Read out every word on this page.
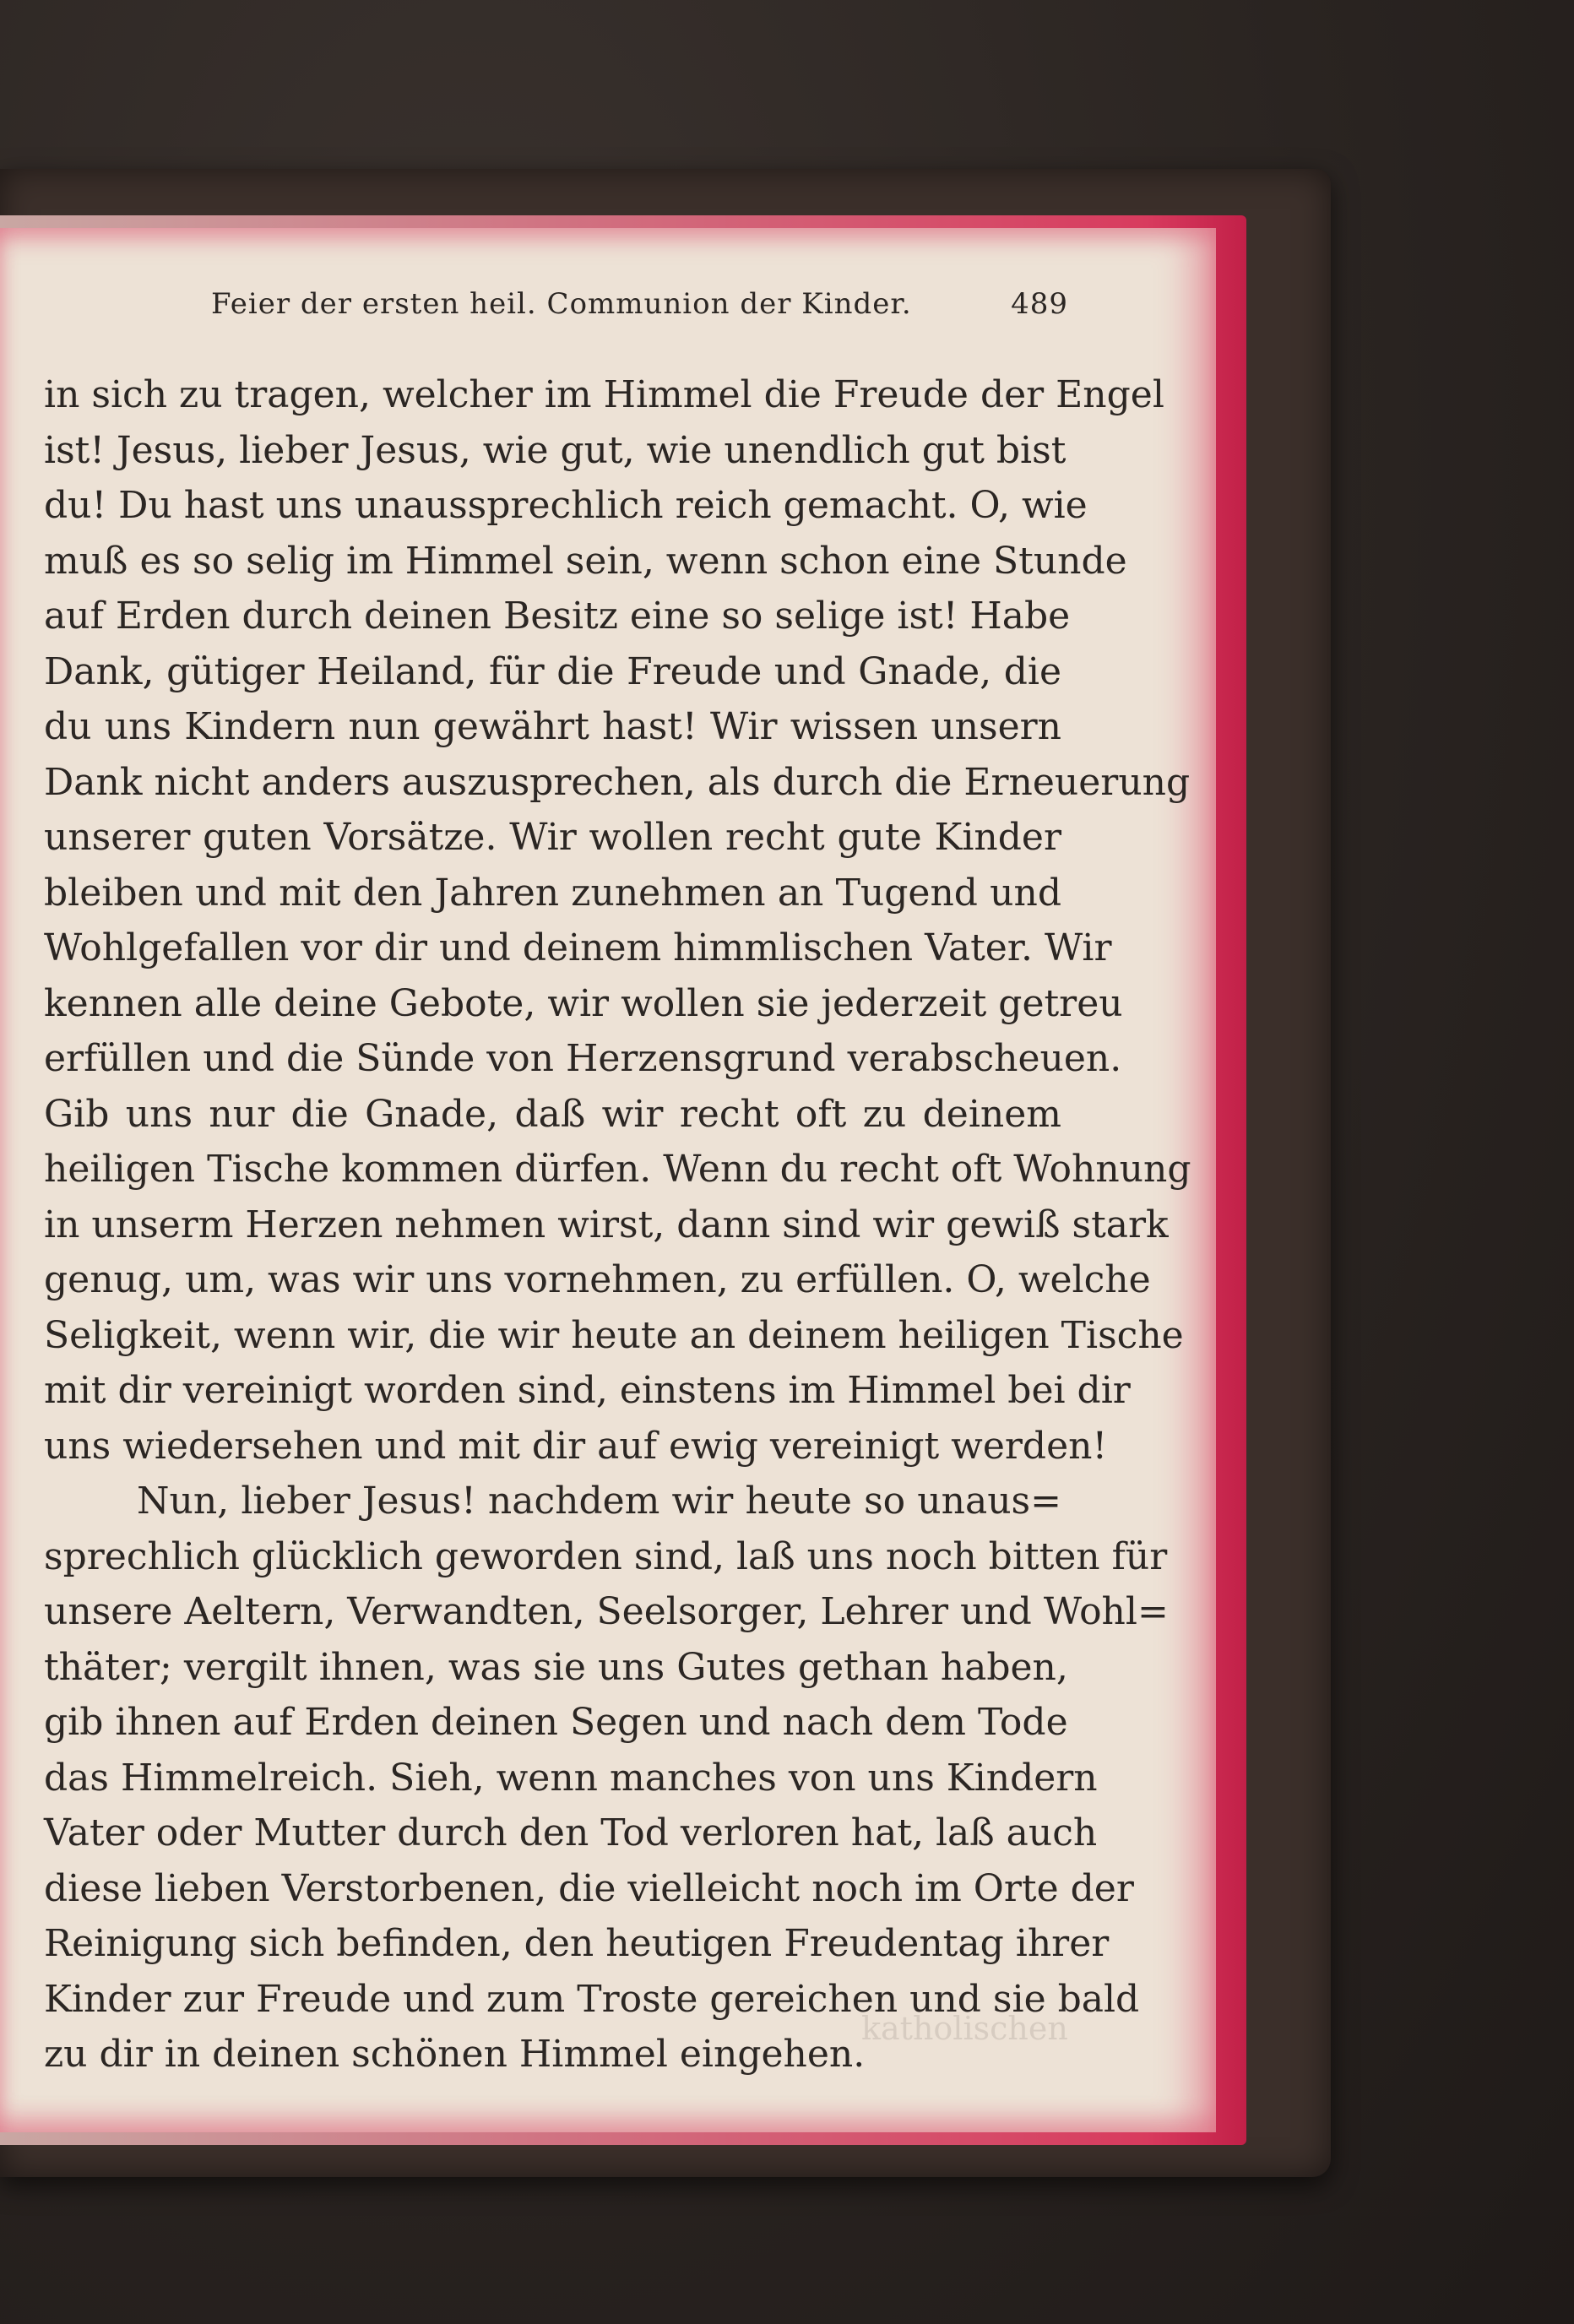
Feier der ersten heil. Communion der Kinder.	489
katholischen
in sich zu tragen, welcher im Himmel die Freude der Engel
ist! Jesus, lieber Jesus, wie gut, wie unendlich gut bist
du! Du hast uns unaussprechlich reich gemacht. O, wie
muß es so selig im Himmel sein, wenn schon eine Stunde
auf Erden durch deinen Besitz eine so selige ist! Habe
Dank, gütiger Heiland, für die Freude und Gnade, die
du uns Kindern nun gewährt hast! Wir wissen unsern
Dank nicht anders auszusprechen, als durch die Erneuerung
unserer guten Vorsätze. Wir wollen recht gute Kinder
bleiben und mit den Jahren zunehmen an Tugend und
Wohlgefallen vor dir und deinem himmlischen Vater. Wir
kennen alle deine Gebote, wir wollen sie jederzeit getreu
erfüllen und die Sünde von Herzensgrund verabscheuen.
Gib uns nur die Gnade, daß wir recht oft zu deinem
heiligen Tische kommen dürfen. Wenn du recht oft Wohnung
in unserm Herzen nehmen wirst, dann sind wir gewiß stark
genug, um, was wir uns vornehmen, zu erfüllen. O, welche
Seligkeit, wenn wir, die wir heute an deinem heiligen Tische
mit dir vereinigt worden sind, einstens im Himmel bei dir
uns wiedersehen und mit dir auf ewig vereinigt werden!
Nun, lieber Jesus! nachdem wir heute so unaus=
sprechlich glücklich geworden sind, laß uns noch bitten für
unsere Aeltern, Verwandten, Seelsorger, Lehrer und Wohl=
thäter; vergilt ihnen, was sie uns Gutes gethan haben,
gib ihnen auf Erden deinen Segen und nach dem Tode
das Himmelreich. Sieh, wenn manches von uns Kindern
Vater oder Mutter durch den Tod verloren hat, laß auch
diese lieben Verstorbenen, die vielleicht noch im Orte der
Reinigung sich befinden, den heutigen Freudentag ihrer
Kinder zur Freude und zum Troste gereichen und sie bald
zu dir in deinen schönen Himmel eingehen.
